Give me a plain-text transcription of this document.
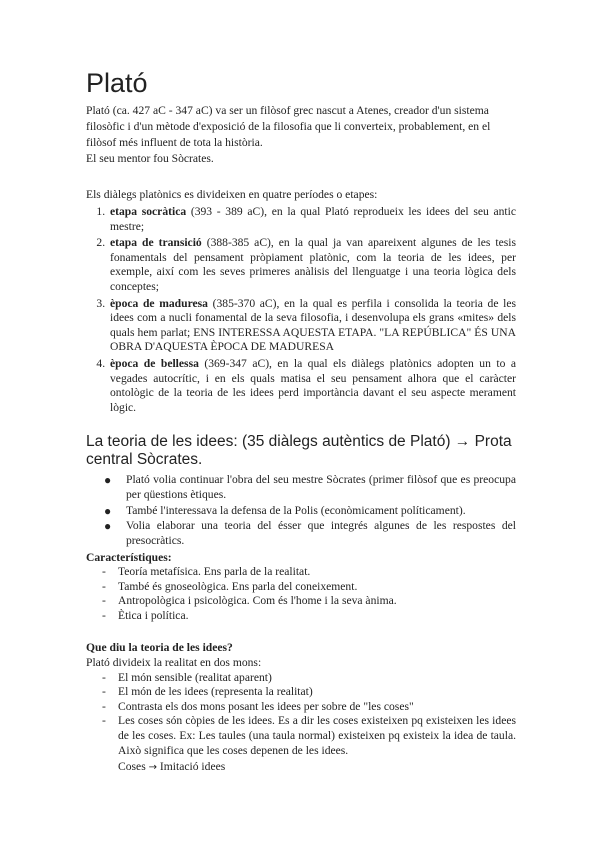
Plató

Plató (ca. 427 aC - 347 aC) va ser un filòsof grec nascut a Atenes, creador d'un sistema filosòfic i d'un mètode d'exposició de la filosofia que li converteix, probablement, en el filòsof més influent de tota la història.

El seu mentor fou Sòcrates.

Els diàlegs platònics es divideixen en quatre períodes o etapes:

1. etapa socràtica (393 - 389 aC), en la qual Plató reprodueix les idees del seu antic mestre;
2. etapa de transició (388-385 aC), en la qual ja van apareixent algunes de les tesis fonamentals del pensament pròpiament platònic, com la teoria de les idees, per exemple, així com les seves primeres anàlisis del llenguatge i una teoria lògica dels conceptes;
3. època de maduresa (385-370 aC), en la qual es perfila i consolida la teoria de les idees com a nucli fonamental de la seva filosofia, i desenvolupa els grans «mites» dels quals hem parlat; ENS INTERESSA AQUESTA ETAPA. "LA REPÚBLICA" ÉS UNA OBRA D'AQUESTA ÈPOCA DE MADURESA
4. època de bellessa (369-347 aC), en la qual els diàlegs platònics adopten un to a vegades autocrític, i en els quals matisa el seu pensament alhora que el caràcter ontològic de la teoria de les idees perd importància davant el seu aspecte merament lògic.
La teoria de les idees: (35 diàlegs autèntics de Plató) → Prota central Sòcrates.
● Plató volia continuar l'obra del seu mestre Sòcrates (primer filòsof que es preocupa per qüestions ètiques.
● També l'interessava la defensa de la Polis (econòmicament políticament).
● Volia elaborar una teoria del ésser que integrés algunes de les respostes del presocràtics.
Característiques:
- Teoría metafísica. Ens parla de la realitat.
- També és gnoseològica. Ens parla del coneixement.
- Antropològica i psicològica. Com és l'home i la seva ànima.
- Ètica i política.
Que diu la teoria de les idees?

Plató divideix la realitat en dos mons:

- El món sensible (realitat aparent)
- El món de les idees (representa la realitat)
- Contrasta els dos mons posant les idees per sobre de "les coses"
- Les coses són còpies de les idees. Es a dir les coses existeixen pq existeixen les idees de les coses. Ex: Les taules (una taula normal) existeixen pq existeix la idea de taula. Això significa que les coses depenen de les idees.
Coses → Imitació idees
